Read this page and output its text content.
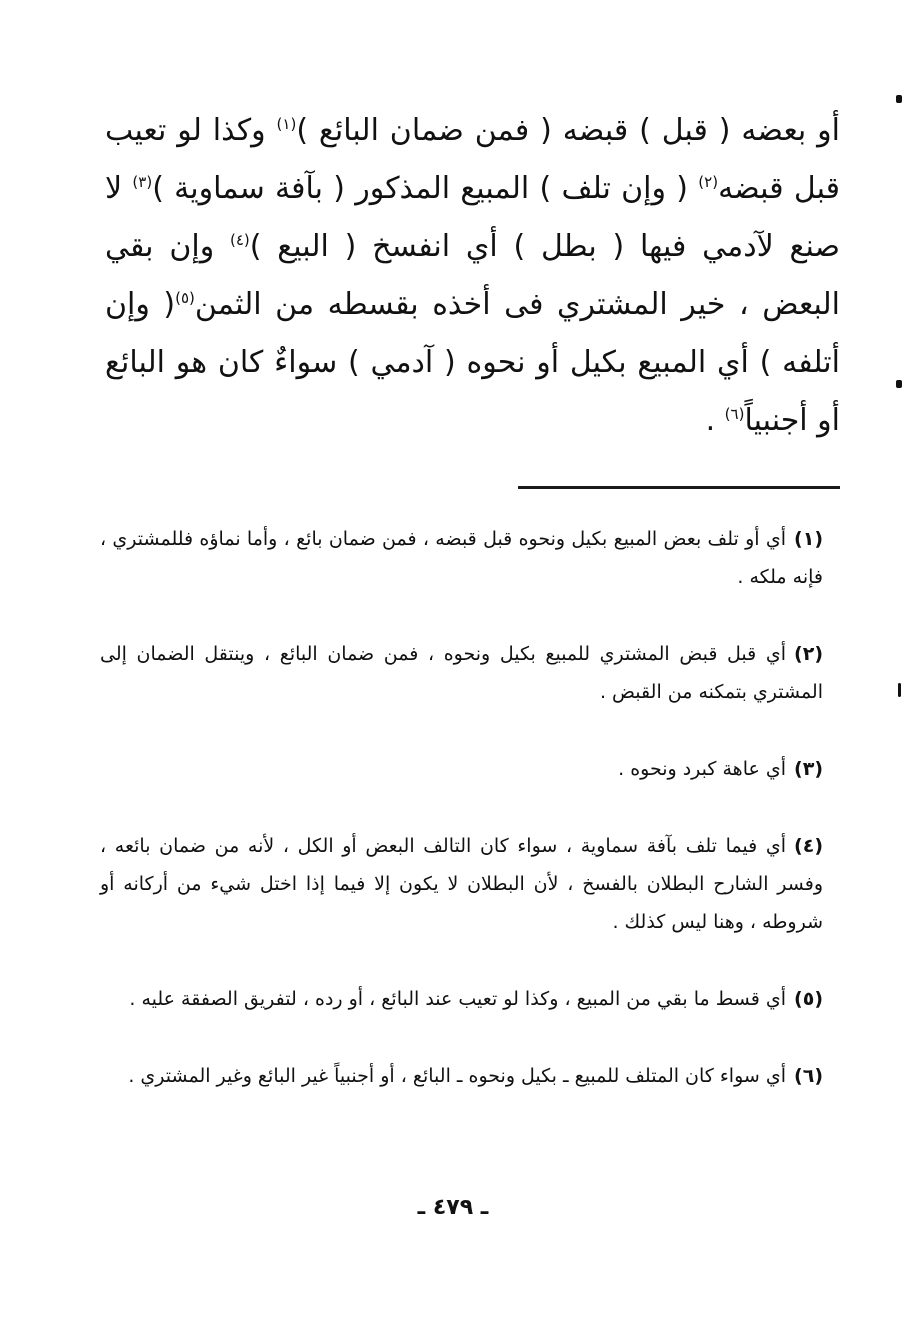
أو بعضه ( قبل ) قبضه ( فمن ضمان البائع )$^{(١)}$ وكذا لو تعيب قبل قبضه$^{(٢)}$ ( وإن تلف ) المبيع المذكور ( بآفة سماوية )$^{(٣)}$ لا صنع لآدمي فيها ( بطل ) أي انفسخ ( البيع )$^{(٤)}$ وإن بقي البعض ، خير المشتري فى أخذه بقسطه من الثمن$^{(٥)}$( وإن أتلفه ) أي المبيع بكيل أو نحوه ( آدمي ) سواءٌ كان هو البائع أو أجنبياً$^{(٦)}$ .

(١)أي أو تلف بعض المبيع بكيل ونحوه قبل قبضه ، فمن ضمان بائع ، وأما نماؤه فللمشتري ، فإنه ملكه .

(٢)أي قبل قبض المشتري للمبيع بكيل ونحوه ، فمن ضمان البائع ، وينتقل الضمان إلى المشتري بتمكنه من القبض .

(٣)أي عاهة كبرد ونحوه .

(٤)أي فيما تلف بآفة سماوية ، سواء كان التالف البعض أو الكل ، لأنه من ضمان بائعه ، وفسر الشارح البطلان بالفسخ ، لأن البطلان لا يكون إلا فيما إذا اختل شيء من أركانه أو شروطه ، وهنا ليس كذلك .

(٥)أي قسط ما بقي من المبيع ، وكذا لو تعيب عند البائع ، أو رده ، لتفريق الصفقة عليه .

(٦)أي سواء كان المتلف للمبيع ـ بكيل ونحوه ـ البائع ، أو أجنبياً غير البائع وغير المشتري .

ـ ٤٧٩ ـ
